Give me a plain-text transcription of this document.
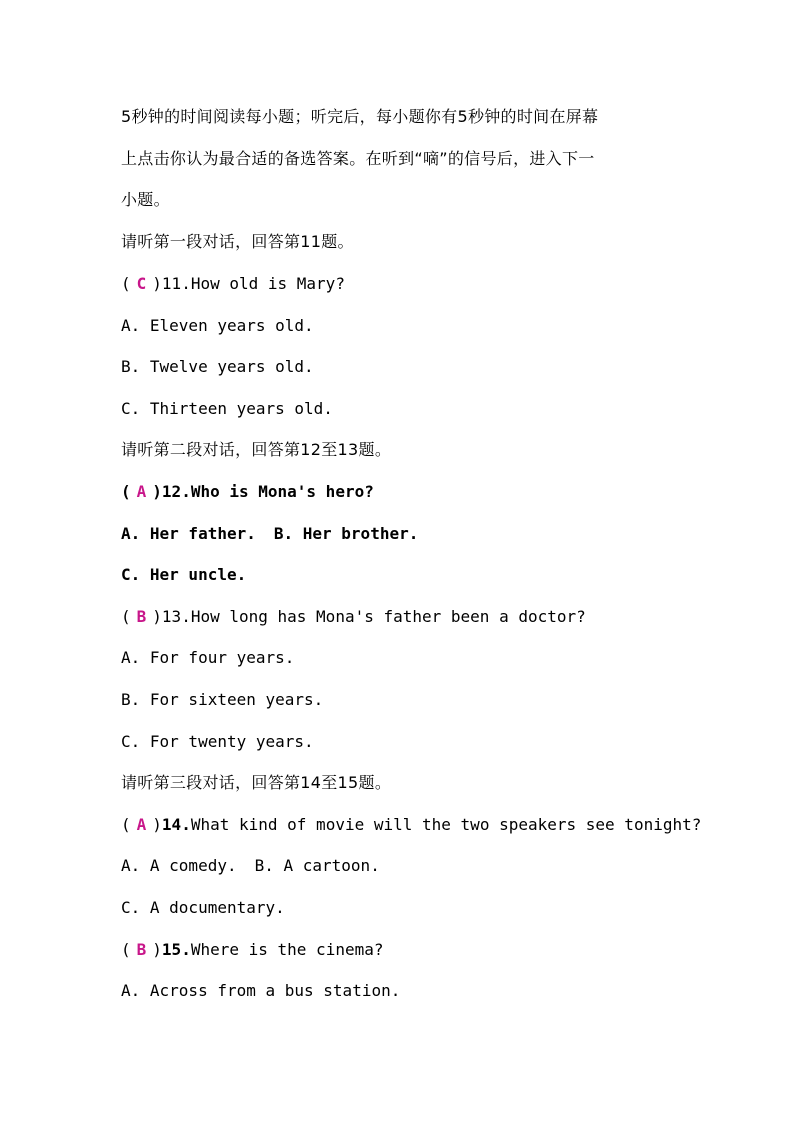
5秒钟的时间阅读每小题；听完后，每小题你有5秒钟的时间在屏幕
上点击你认为最合适的备选答案。在听到“嘀”的信号后，进入下一
小题。
请听第一段对话，回答第11题。
( C )11.How old is Mary?
A. Eleven years old.
B. Twelve years old.
C. Thirteen years old.
请听第二段对话，回答第12至13题。
( A )12.Who is Mona's hero?
A. Her father. B. Her brother.
C. Her uncle.
( B )13.How long has Mona's father been a doctor?
A. For four years.
B. For sixteen years.
C. For twenty years.
请听第三段对话，回答第14至15题。
( A )14.What kind of movie will the two speakers see tonight?
A. A comedy. B. A cartoon.
C. A documentary.
( B )15.Where is the cinema?
A. Across from a bus station.
